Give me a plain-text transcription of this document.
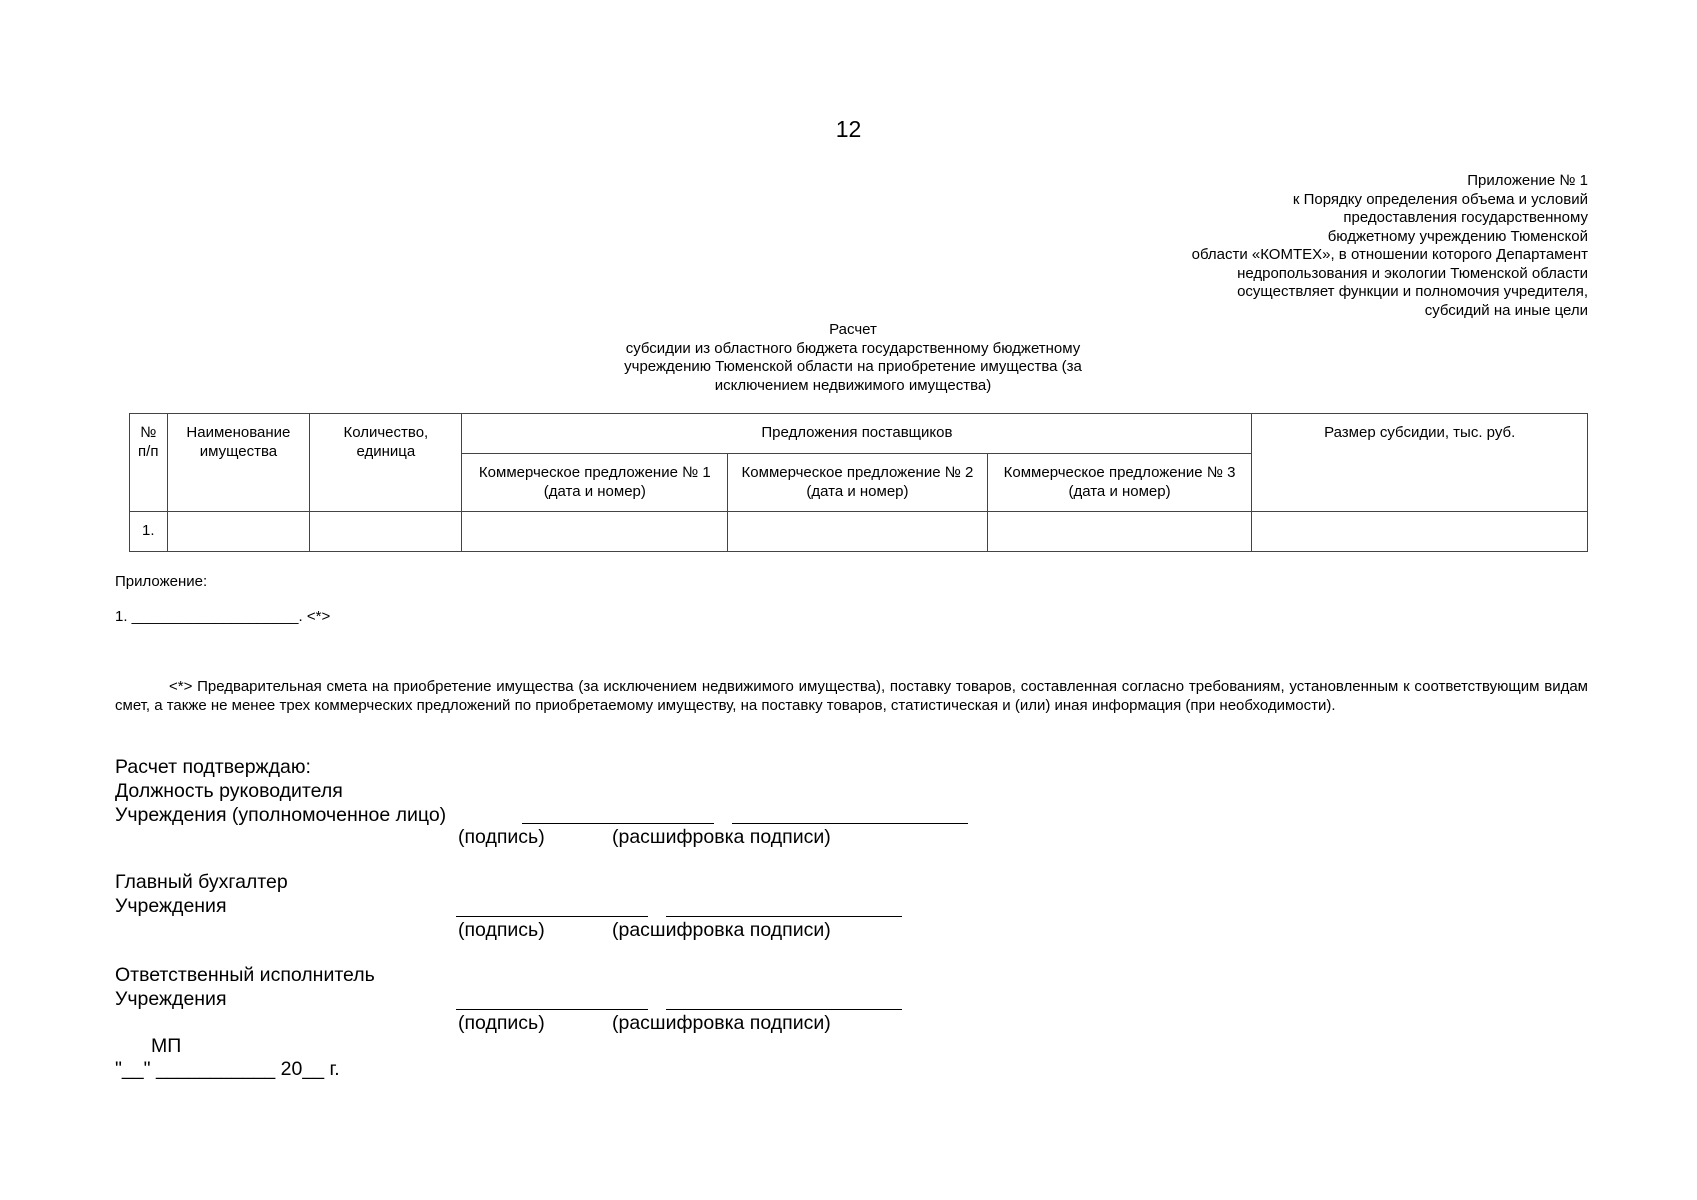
12
Приложение № 1
к Порядку определения объема и условий
предоставления государственному
бюджетному учреждению Тюменской
области «КОМТЕХ», в отношении которого Департамент
недропользования и экологии Тюменской области
осуществляет функции и полномочия учредителя,
субсидий на иные цели
Расчет
субсидии из областного бюджета государственному бюджетному
учреждению Тюменской области на приобретение имущества (за
исключением недвижимого имущества)
№ п/п	Наименование имущества	Количество, единица	Предложения поставщиков			Размер субсидии, тыс. руб.
			Коммерческое предложение № 1 (дата и номер)	Коммерческое предложение № 2 (дата и номер)	Коммерческое предложение № 3 (дата и номер)	
1.						
Приложение:
1. ____________________. <*>
<*> Предварительная смета на приобретение имущества (за исключением недвижимого имущества), поставку товаров, составленная согласно требованиям, установленным к соответствующим видам смет, а также не менее трех коммерческих предложений по приобретаемому имуществу, на поставку товаров, статистическая и (или) иная информация (при необходимости).
Расчет подтверждаю:
Должность руководителя
Учреждения (уполномоченное лицо)
(подпись)	(расшифровка подписи)
Главный бухгалтер
Учреждения
(подпись)	(расшифровка подписи)
Ответственный исполнитель
Учреждения
(подпись)	(расшифровка подписи)
МП
"__" ___________ 20__ г.
